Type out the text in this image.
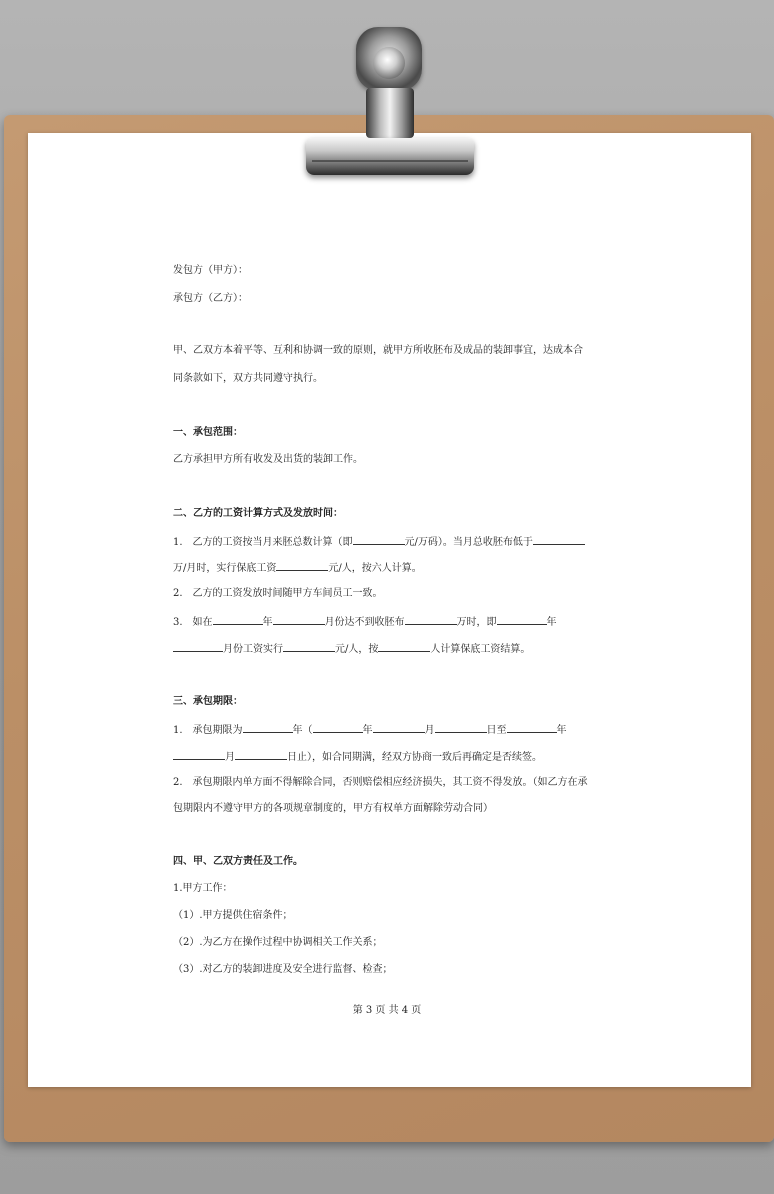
发包方（甲方）：
承包方（乙方）：
甲、乙双方本着平等、互利和协调一致的原则，就甲方所收胚布及成品的装卸事宜，达成本合
同条款如下，双方共同遵守执行。
一、承包范围：
乙方承担甲方所有收发及出货的装卸工作。
二、乙方的工资计算方式及发放时间：
1.　乙方的工资按当月来胚总数计算（即	元/万码）。当月总收胚布低于
万/月时，实行保底工资	元/人，按六人计算。
2.　乙方的工资发放时间随甲方车间员工一致。
3.　如在	年	月份达不到收胚布	万时，即	年
月份工资实行	元/人，按	人计算保底工资结算。
三、承包期限：
1.　承包期限为	年（	年	月	日至	年
月	日止），如合同期满，经双方协商一致后再确定是否续签。
2.　承包期限内单方面不得解除合同，否则赔偿相应经济损失，其工资不得发放。（如乙方在承
包期限内不遵守甲方的各项规章制度的，甲方有权单方面解除劳动合同）
四、甲、乙双方责任及工作。
1.甲方工作：
（1）.甲方提供住宿条件；
（2）.为乙方在操作过程中协调相关工作关系；
（3）.对乙方的装卸进度及安全进行监督、检查；
第 3 页 共 4 页
